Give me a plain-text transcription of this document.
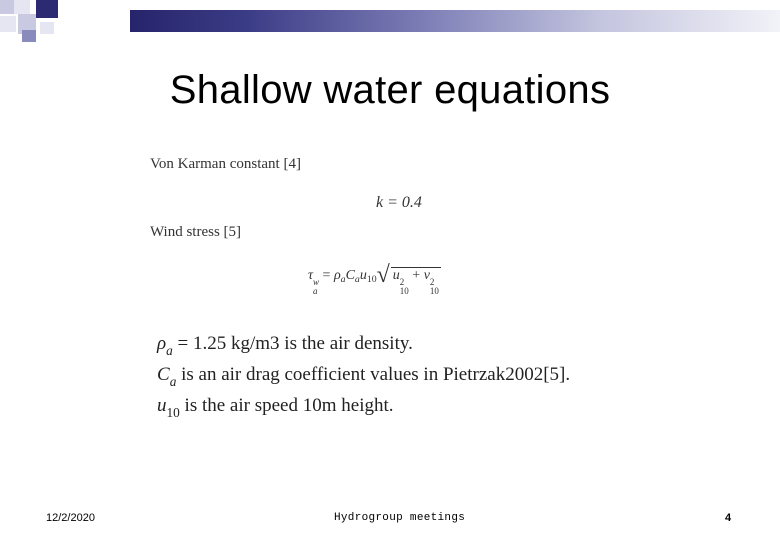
Shallow water equations
Von Karman constant [4]
k = 0.4
Wind stress [5]
τ w
a
= $\rho_aC_au_{10}√$ u 2
10
+ v 2
10
$\rho_a = 1.25$ kg/m3 is the air density.
$C_a$ is an air drag coefficient values in Pietrzak2002[5].
$u_{10}$ is the air speed 10m height.
12/2/2020	Hydrogroup meetings	4
